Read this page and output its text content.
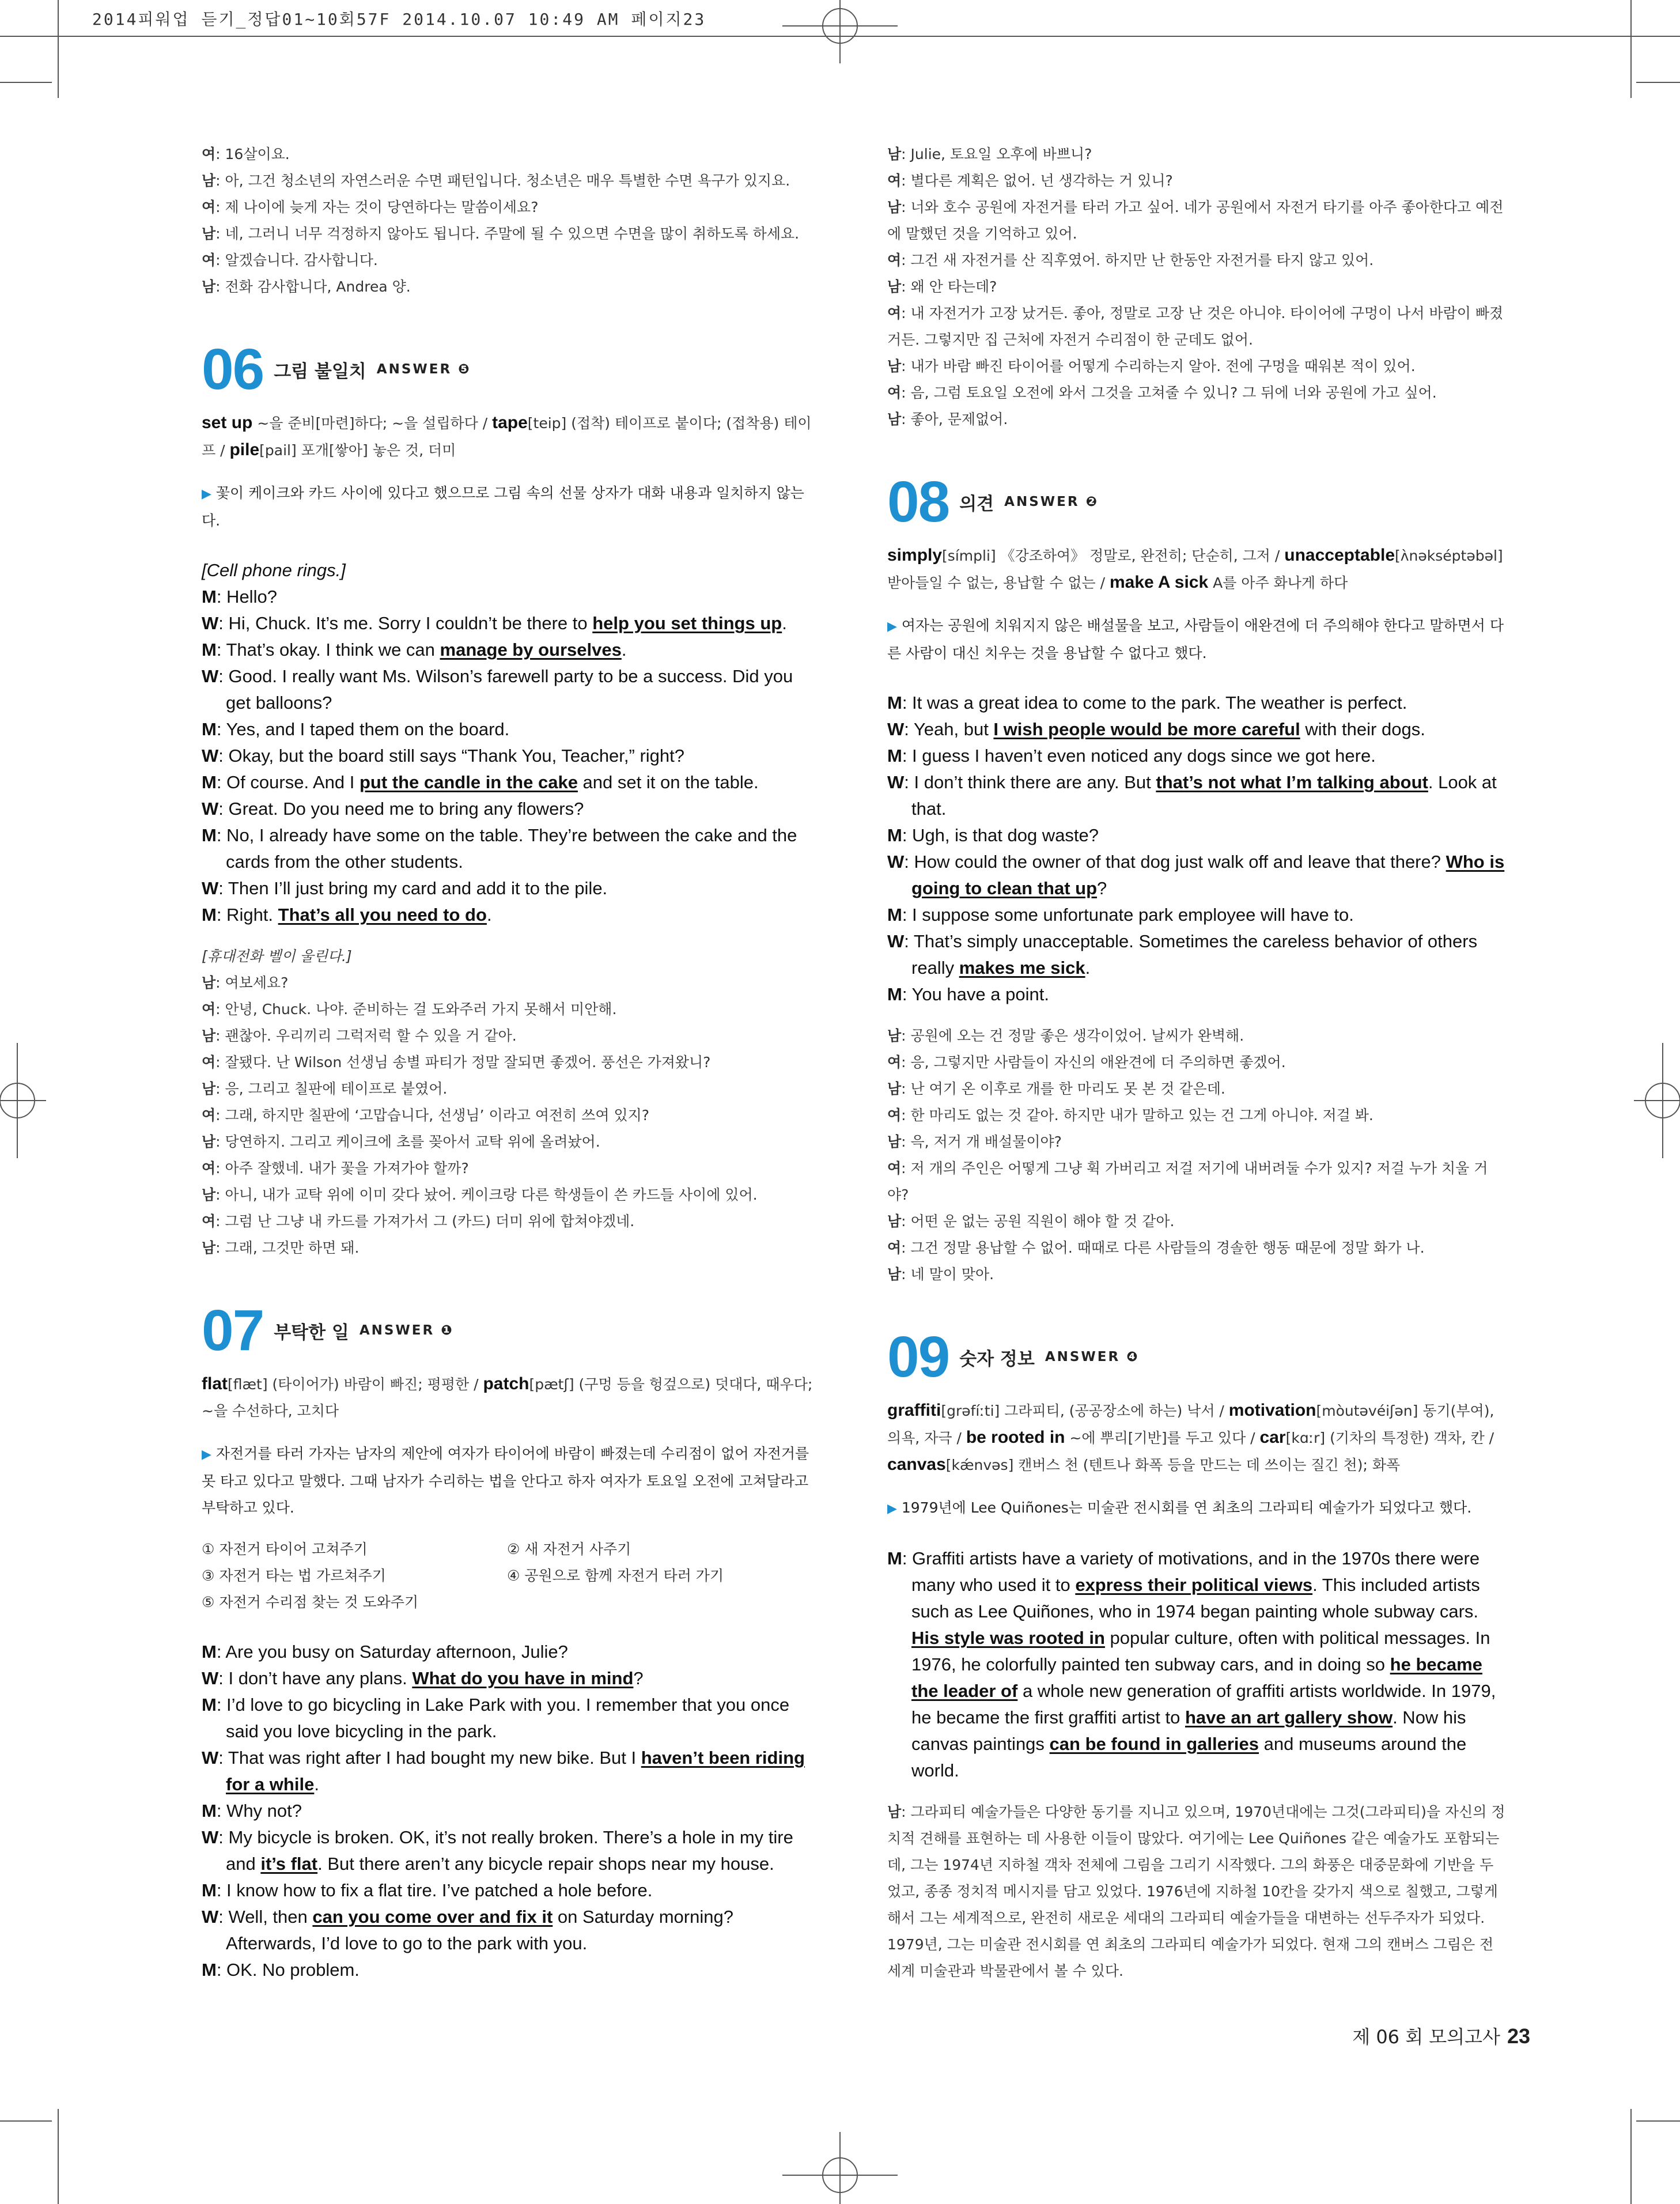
2014피워업 듣기_정답01~10회57F 2014.10.07 10:49 AM 페이지23
여: 16살이요.
남: 아, 그건 청소년의 자연스러운 수면 패턴입니다. 청소년은 매우 특별한 수면 욕구가 있지요.
여: 제 나이에 늦게 자는 것이 당연하다는 말씀이세요?
남: 네, 그러니 너무 걱정하지 않아도 됩니다. 주말에 될 수 있으면 수면을 많이 취하도록 하세요.
여: 알겠습니다. 감사합니다.
남: 전화 감사합니다, Andrea 양.
06 그림 불일치 ANSWER ❺
set up ~을 준비[마련]하다; ~을 설립하다 / tape[teip] (접착) 테이프로 붙이다; (접착용) 테이프 / pile[pail] 포개[쌓아] 놓은 것, 더미
▶ 꽃이 케이크와 카드 사이에 있다고 했으므로 그림 속의 선물 상자가 대화 내용과 일치하지 않는다.
[Cell phone rings.]
M: Hello?
W: Hi, Chuck. It’s me. Sorry I couldn’t be there to help you set things up.
M: That’s okay. I think we can manage by ourselves.
W: Good. I really want Ms. Wilson’s farewell party to be a success. Did you get balloons?
M: Yes, and I taped them on the board.
W: Okay, but the board still says “Thank You, Teacher,” right?
M: Of course. And I put the candle in the cake and set it on the table.
W: Great. Do you need me to bring any flowers?
M: No, I already have some on the table. They’re between the cake and the cards from the other students.
W: Then I’ll just bring my card and add it to the pile.
M: Right. That’s all you need to do.
[휴대전화 벨이 울린다.]
남: 여보세요?
여: 안녕, Chuck. 나야. 준비하는 걸 도와주러 가지 못해서 미안해.
남: 괜찮아. 우리끼리 그럭저럭 할 수 있을 거 같아.
여: 잘됐다. 난 Wilson 선생님 송별 파티가 정말 잘되면 좋겠어. 풍선은 가져왔니?
남: 응, 그리고 칠판에 테이프로 붙였어.
여: 그래, 하지만 칠판에 ‘고맙습니다, 선생님’ 이라고 여전히 쓰여 있지?
남: 당연하지. 그리고 케이크에 초를 꽂아서 교탁 위에 올려놨어.
여: 아주 잘했네. 내가 꽃을 가져가야 할까?
남: 아니, 내가 교탁 위에 이미 갖다 놨어. 케이크랑 다른 학생들이 쓴 카드들 사이에 있어.
여: 그럼 난 그냥 내 카드를 가져가서 그 (카드) 더미 위에 합쳐야겠네.
남: 그래, 그것만 하면 돼.
07 부탁한 일 ANSWER ❶
flat[flæt] (타이어가) 바람이 빠진; 평평한 / patch[pætʃ] (구멍 등을 헝겊으로) 덧대다, 때우다; ~을 수선하다, 고치다
▶ 자전거를 타러 가자는 남자의 제안에 여자가 타이어에 바람이 빠졌는데 수리점이 없어 자전거를 못 타고 있다고 말했다. 그때 남자가 수리하는 법을 안다고 하자 여자가 토요일 오전에 고쳐달라고 부탁하고 있다.
① 자전거 타이어 고쳐주기	② 새 자전거 사주기
③ 자전거 타는 법 가르쳐주기	④ 공원으로 함께 자전거 타러 가기
⑤ 자전거 수리점 찾는 것 도와주기
M: Are you busy on Saturday afternoon, Julie?
W: I don’t have any plans. What do you have in mind?
M: I’d love to go bicycling in Lake Park with you. I remember that you once said you love bicycling in the park.
W: That was right after I had bought my new bike. But I haven’t been riding for a while.
M: Why not?
W: My bicycle is broken. OK, it’s not really broken. There’s a hole in my tire and it’s flat. But there aren’t any bicycle repair shops near my house.
M: I know how to fix a flat tire. I’ve patched a hole before.
W: Well, then can you come over and fix it on Saturday morning? Afterwards, I’d love to go to the park with you.
M: OK. No problem.
남: Julie, 토요일 오후에 바쁘니?
여: 별다른 계획은 없어. 넌 생각하는 거 있니?
남: 너와 호수 공원에 자전거를 타러 가고 싶어. 네가 공원에서 자전거 타기를 아주 좋아한다고 예전에 말했던 것을 기억하고 있어.
여: 그건 새 자전거를 산 직후였어. 하지만 난 한동안 자전거를 타지 않고 있어.
남: 왜 안 타는데?
여: 내 자전거가 고장 났거든. 좋아, 정말로 고장 난 것은 아니야. 타이어에 구멍이 나서 바람이 빠졌거든. 그렇지만 집 근처에 자전거 수리점이 한 군데도 없어.
남: 내가 바람 빠진 타이어를 어떻게 수리하는지 알아. 전에 구멍을 때워본 적이 있어.
여: 음, 그럼 토요일 오전에 와서 그것을 고쳐줄 수 있니? 그 뒤에 너와 공원에 가고 싶어.
남: 좋아, 문제없어.
08 의견 ANSWER ❷
simply[símpli] 《강조하여》 정말로, 완전히; 단순히, 그저 / unacceptable[ʌ̀nəkséptəbəl] 받아들일 수 없는, 용납할 수 없는 / make A sick A를 아주 화나게 하다
▶ 여자는 공원에 치워지지 않은 배설물을 보고, 사람들이 애완견에 더 주의해야 한다고 말하면서 다른 사람이 대신 치우는 것을 용납할 수 없다고 했다.
M: It was a great idea to come to the park. The weather is perfect.
W: Yeah, but I wish people would be more careful with their dogs.
M: I guess I haven’t even noticed any dogs since we got here.
W: I don’t think there are any. But that’s not what I’m talking about. Look at that.
M: Ugh, is that dog waste?
W: How could the owner of that dog just walk off and leave that there? Who is going to clean that up?
M: I suppose some unfortunate park employee will have to.
W: That’s simply unacceptable. Sometimes the careless behavior of others really makes me sick.
M: You have a point.
남: 공원에 오는 건 정말 좋은 생각이었어. 날씨가 완벽해.
여: 응, 그렇지만 사람들이 자신의 애완견에 더 주의하면 좋겠어.
남: 난 여기 온 이후로 개를 한 마리도 못 본 것 같은데.
여: 한 마리도 없는 것 같아. 하지만 내가 말하고 있는 건 그게 아니야. 저걸 봐.
남: 윽, 저거 개 배설물이야?
여: 저 개의 주인은 어떻게 그냥 휙 가버리고 저걸 저기에 내버려둘 수가 있지? 저걸 누가 치울 거야?
남: 어떤 운 없는 공원 직원이 해야 할 것 같아.
여: 그건 정말 용납할 수 없어. 때때로 다른 사람들의 경솔한 행동 때문에 정말 화가 나.
남: 네 말이 맞아.
09 숫자 정보 ANSWER ❹
graffiti[grəfíːti] 그라피티, (공공장소에 하는) 낙서 / motivation[mòutəvéiʃən] 동기(부여), 의욕, 자극 / be rooted in ~에 뿌리[기반]를 두고 있다 / car[kɑːr] (기차의 특정한) 객차, 칸 / canvas[kǽnvəs] 캔버스 천 (텐트나 화폭 등을 만드는 데 쓰이는 질긴 천); 화폭
▶ 1979년에 Lee Quiñones는 미술관 전시회를 연 최초의 그라피티 예술가가 되었다고 했다.
M: Graffiti artists have a variety of motivations, and in the 1970s there were many who used it to express their political views. This included artists such as Lee Quiñones, who in 1974 began painting whole subway cars. His style was rooted in popular culture, often with political messages. In 1976, he colorfully painted ten subway cars, and in doing so he became the leader of a whole new generation of graffiti artists worldwide. In 1979, he became the first graffiti artist to have an art gallery show. Now his canvas paintings can be found in galleries and museums around the world.
남: 그라피티 예술가들은 다양한 동기를 지니고 있으며, 1970년대에는 그것(그라피티)을 자신의 정치적 견해를 표현하는 데 사용한 이들이 많았다. 여기에는 Lee Quiñones 같은 예술가도 포함되는데, 그는 1974년 지하철 객차 전체에 그림을 그리기 시작했다. 그의 화풍은 대중문화에 기반을 두었고, 종종 정치적 메시지를 담고 있었다. 1976년에 지하철 10칸을 갖가지 색으로 칠했고, 그렇게 해서 그는 세계적으로, 완전히 새로운 세대의 그라피티 예술가들을 대변하는 선두주자가 되었다. 1979년, 그는 미술관 전시회를 연 최초의 그라피티 예술가가 되었다. 현재 그의 캔버스 그림은 전 세계 미술관과 박물관에서 볼 수 있다.
제 06 회 모의고사 23
